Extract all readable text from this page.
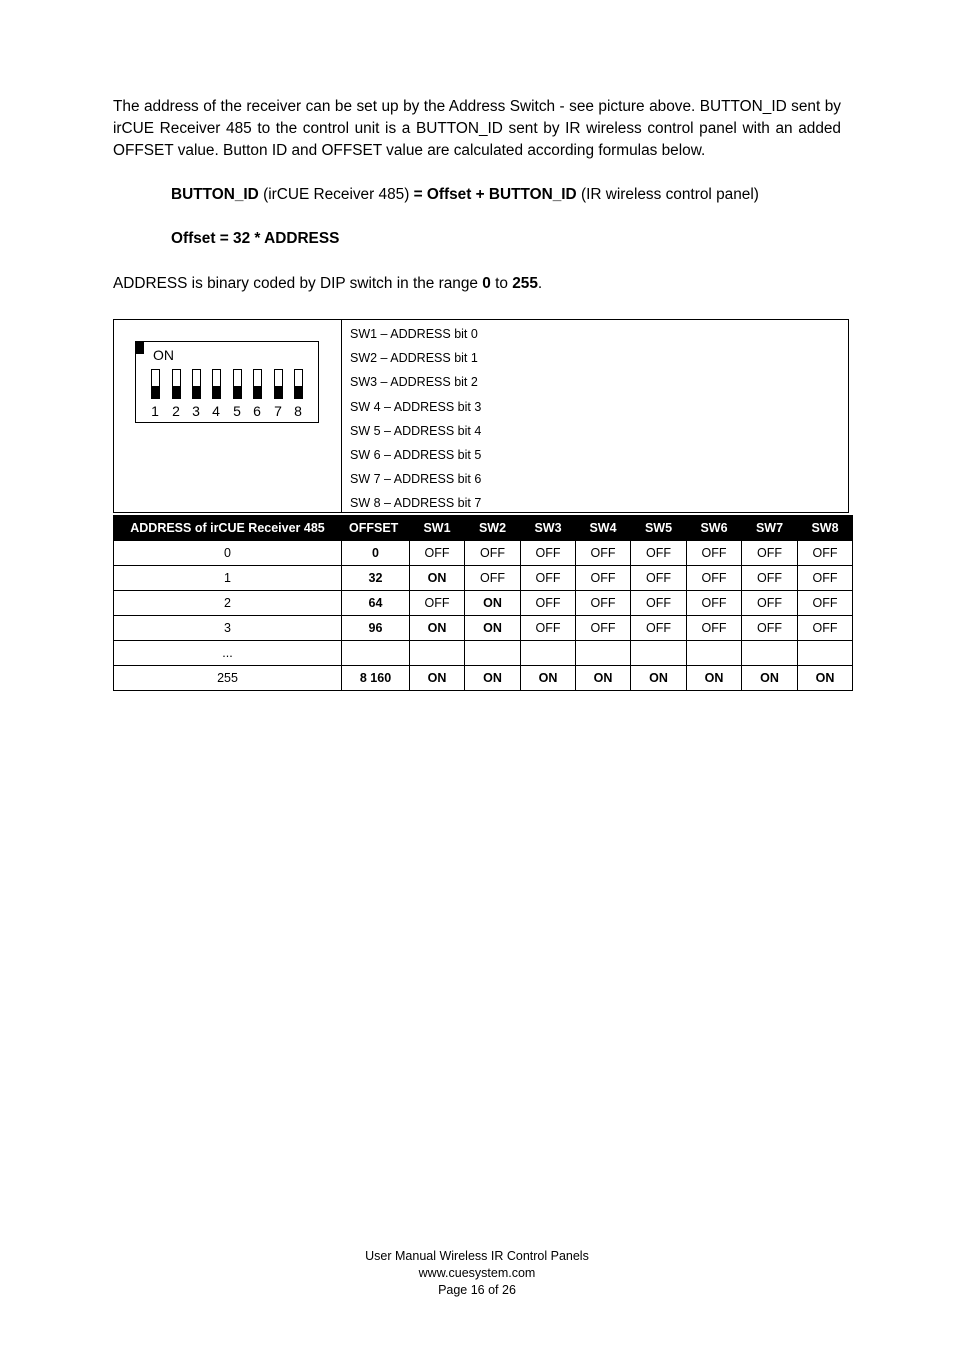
The address of the receiver can be set up by the Address Switch - see picture above. BUTTON_ID sent by irCUE Receiver 485 to the control unit is a BUTTON_ID sent by IR wireless control panel with an added OFFSET value. Button ID and OFFSET value are calculated according formulas below.

BUTTON_ID (irCUE Receiver 485) = Offset + BUTTON_ID (IR wireless control panel)

Offset = 32 * ADDRESS

ADDRESS is binary coded by DIP switch in the range 0 to 255.

ON
1 2 3 4 5 6 7 8
SW1 – ADDRESS bit 0
SW2 – ADDRESS bit 1
SW3 – ADDRESS bit 2
SW 4 – ADDRESS bit 3
SW 5 – ADDRESS bit 4
SW 6 – ADDRESS bit 5
SW 7 – ADDRESS bit 6
SW 8 – ADDRESS bit 7
ADDRESS of irCUE Receiver 485	OFFSET	SW1	SW2	SW3	SW4	SW5	SW6	SW7	SW8
0	0	OFF	OFF	OFF	OFF	OFF	OFF	OFF	OFF
1	32	ON	OFF	OFF	OFF	OFF	OFF	OFF	OFF
2	64	OFF	ON	OFF	OFF	OFF	OFF	OFF	OFF
3	96	ON	ON	OFF	OFF	OFF	OFF	OFF	OFF
...									
255	8 160	ON	ON	ON	ON	ON	ON	ON	ON
User Manual Wireless IR Control Panels
www.cuesystem.com
Page 16 of 26
